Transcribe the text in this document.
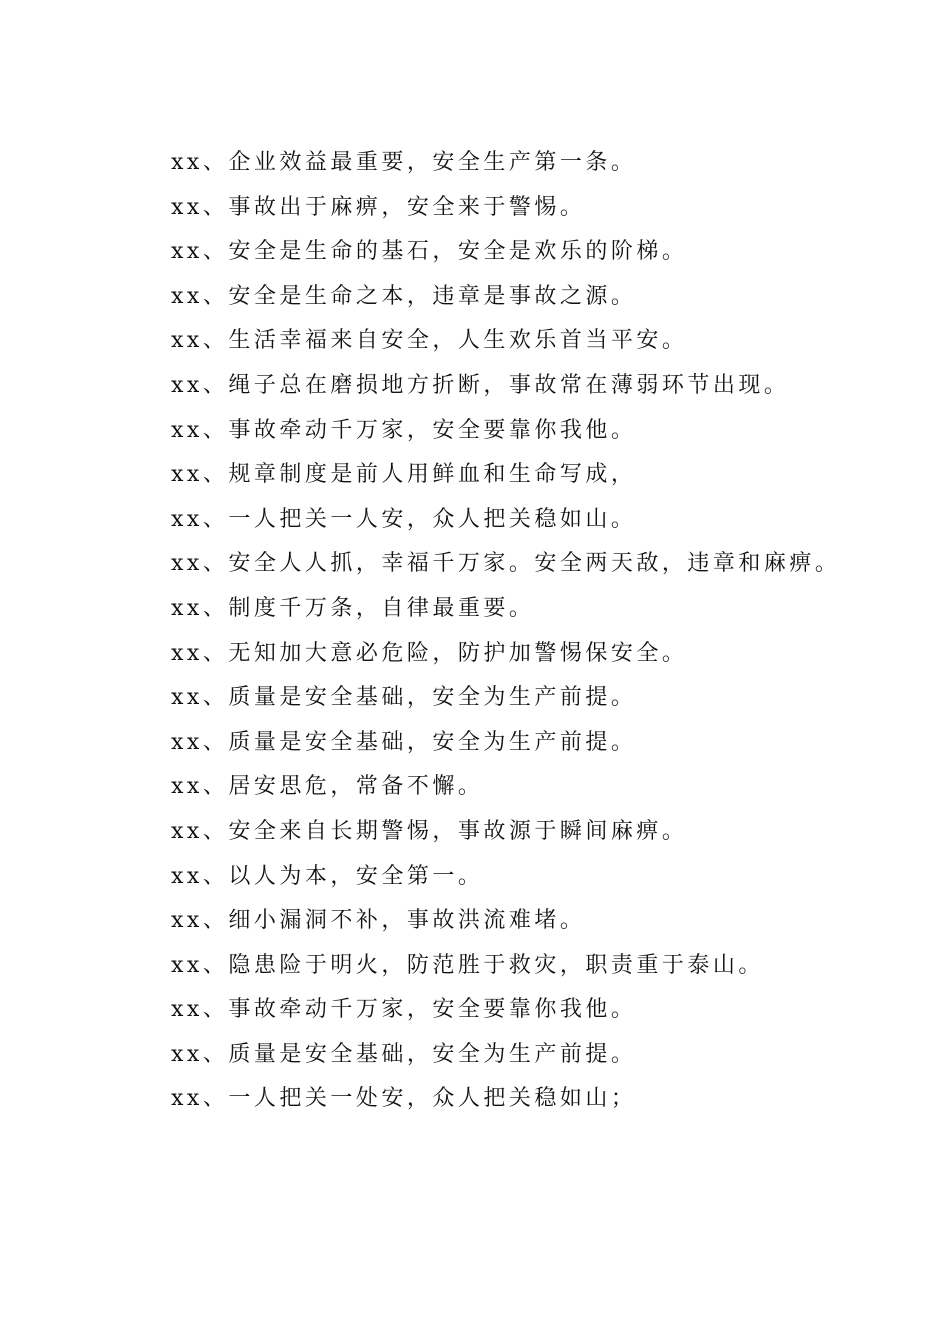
xx、企业效益最重要，安全生产第一条。
xx、事故出于麻痹，安全来于警惕。
xx、安全是生命的基石，安全是欢乐的阶梯。
xx、安全是生命之本，违章是事故之源。
xx、生活幸福来自安全，人生欢乐首当平安。
xx、绳子总在磨损地方折断，事故常在薄弱环节出现。
xx、事故牵动千万家，安全要靠你我他。
xx、规章制度是前人用鲜血和生命写成，
xx、一人把关一人安，众人把关稳如山。
xx、安全人人抓，幸福千万家。安全两天敌，违章和麻痹。
xx、制度千万条，自律最重要。
xx、无知加大意必危险，防护加警惕保安全。
xx、质量是安全基础，安全为生产前提。
xx、质量是安全基础，安全为生产前提。
xx、居安思危，常备不懈。
xx、安全来自长期警惕，事故源于瞬间麻痹。
xx、以人为本，安全第一。
xx、细小漏洞不补，事故洪流难堵。
xx、隐患险于明火，防范胜于救灾，职责重于泰山。
xx、事故牵动千万家，安全要靠你我他。
xx、质量是安全基础，安全为生产前提。
xx、一人把关一处安，众人把关稳如山；
